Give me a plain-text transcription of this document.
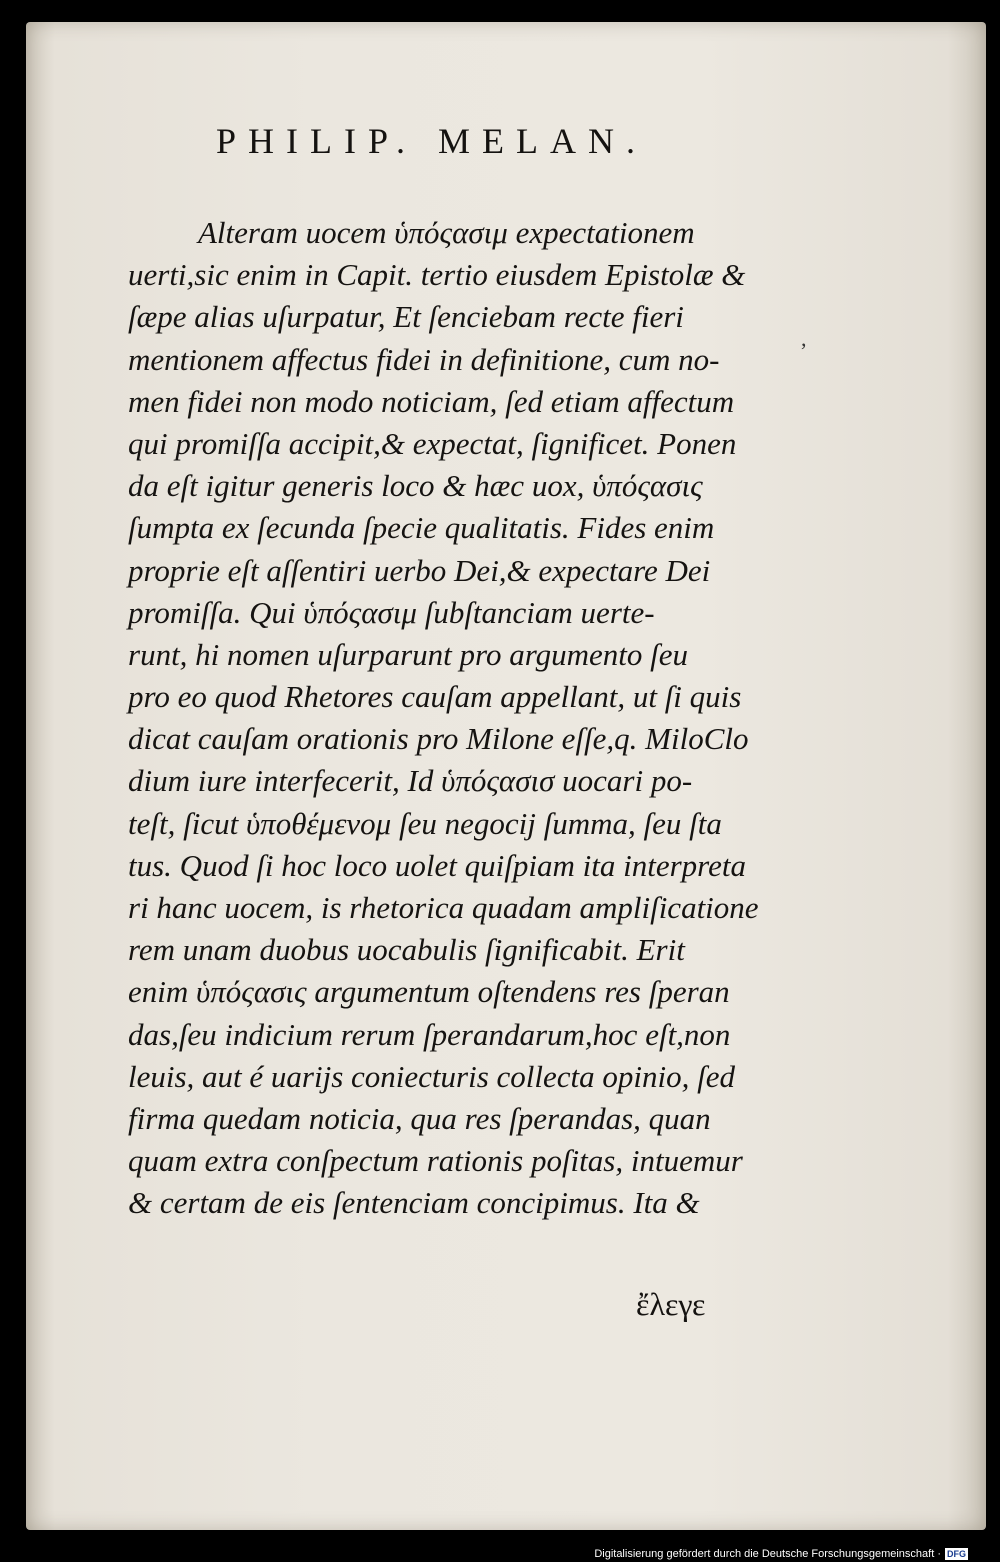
PHILIP. MELAN.
,
Alteram uocem ὑπόςασιμ expectationem
uerti,sic enim in Capit. tertio eiusdem Epistolæ &
ſæpe alias uſurpatur, Et ſenciebam recte fieri
mentionem affectus fidei in definitione, cum no-
men fidei non modo noticiam, ſed etiam affectum
qui promiſſa accipit,& expectat, ſignificet. Ponen
da eſt igitur generis loco & hæc uox, ὑπόςασις
ſumpta ex ſecunda ſpecie qualitatis. Fides enim
proprie eſt aſſentiri uerbo Dei,& expectare Dei
promiſſa. Qui ὑπόςασιμ ſubſtanciam uerte-
runt, hi nomen uſurparunt pro argumento ſeu
pro eo quod Rhetores cauſam appellant, ut ſi quis
dicat cauſam orationis pro Milone eſſe,q. MiloClo
dium iure interfecerit, Id ὑπόςασισ uocari po-
teſt, ſicut ὑποθέμενομ ſeu negocij ſumma, ſeu ſta
tus. Quod ſi hoc loco uolet quiſpiam ita interpreta
ri hanc uocem, is rhetorica quadam ampliſicatione
rem unam duobus uocabulis ſignificabit. Erit
enim ὑπόςασις argumentum oſtendens res ſperan
das,ſeu indicium rerum ſperandarum,hoc eſt,non
leuis, aut é uarijs coniecturis collecta opinio, ſed
firma quedam noticia, qua res ſperandas, quan
quam extra conſpectum rationis poſitas, intuemur
& certam de eis ſentenciam concipimus. Ita &
ἔλεγε
Digitalisierung gefördert durch die Deutsche Forschungsgemeinschaft · DFG
